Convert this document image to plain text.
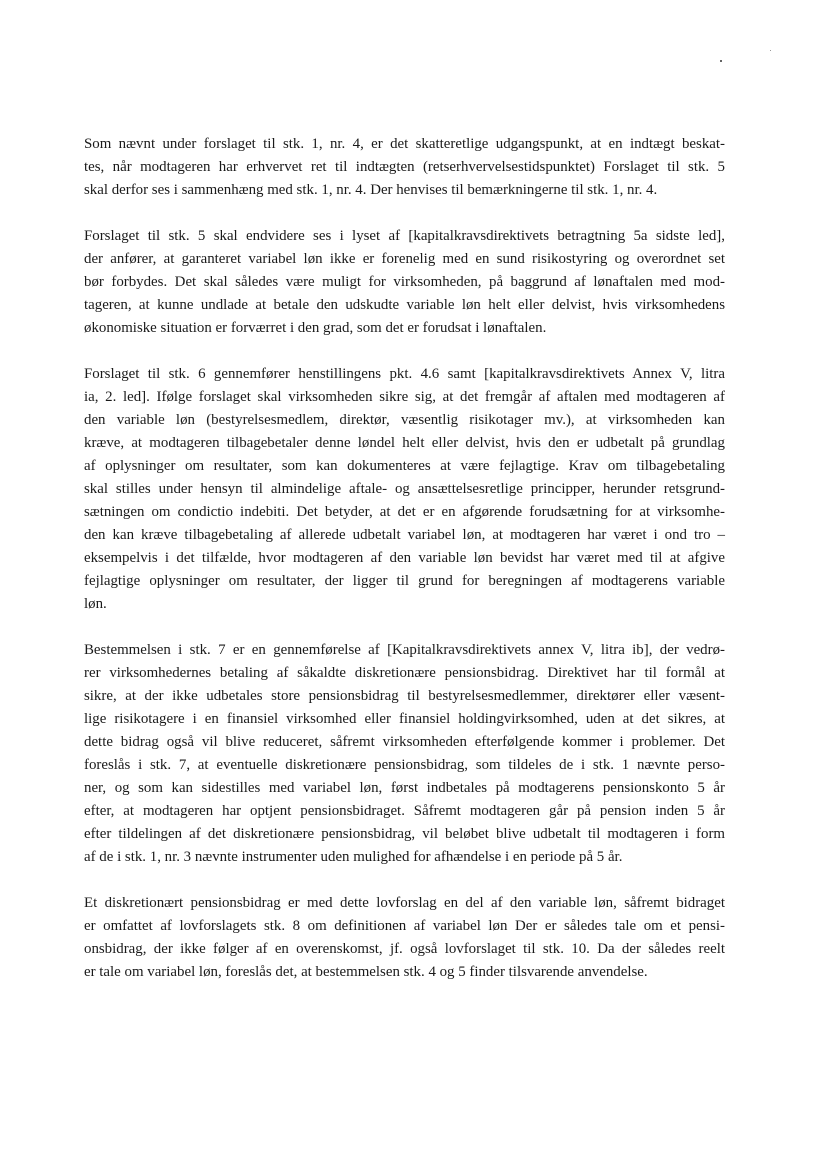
Som nævnt under forslaget til stk. 1, nr. 4, er det skatteretlige udgangspunkt, at en indtægt beskat-
tes, når modtageren har erhvervet ret til indtægten (retserhvervelsestidspunktet) Forslaget til stk. 5
skal derfor ses i sammenhæng med stk. 1, nr. 4. Der henvises til bemærkningerne til stk. 1, nr. 4.

Forslaget til stk. 5 skal endvidere ses i lyset af [kapitalkravsdirektivets betragtning 5a sidste led],
der anfører, at garanteret variabel løn ikke er forenelig med en sund risikostyring og overordnet set
bør forbydes. Det skal således være muligt for virksomheden, på baggrund af lønaftalen med mod-
tageren, at kunne undlade at betale den udskudte variable løn helt eller delvist, hvis virksomhedens
økonomiske situation er forværret i den grad, som det er forudsat i lønaftalen.

Forslaget til stk. 6 gennemfører henstillingens pkt. 4.6 samt [kapitalkravsdirektivets Annex V, litra
ia, 2. led]. Ifølge forslaget skal virksomheden sikre sig, at det fremgår af aftalen med modtageren af
den variable løn (bestyrelsesmedlem, direktør, væsentlig risikotager mv.), at virksomheden kan
kræve, at modtageren tilbagebetaler denne løndel helt eller delvist, hvis den er udbetalt på grundlag
af oplysninger om resultater, som kan dokumenteres at være fejlagtige. Krav om tilbagebetaling
skal stilles under hensyn til almindelige aftale- og ansættelsesretlige principper, herunder retsgrund-
sætningen om condictio indebiti. Det betyder, at det er en afgørende forudsætning for at virksomhe-
den kan kræve tilbagebetaling af allerede udbetalt variabel løn, at modtageren har været i ond tro –
eksempelvis i det tilfælde, hvor modtageren af den variable løn bevidst har været med til at afgive
fejlagtige oplysninger om resultater, der ligger til grund for beregningen af modtagerens variable
løn.

Bestemmelsen i stk. 7 er en gennemførelse af [Kapitalkravsdirektivets annex V, litra ib], der vedrø-
rer virksomhedernes betaling af såkaldte diskretionære pensionsbidrag. Direktivet har til formål at
sikre, at der ikke udbetales store pensionsbidrag til bestyrelsesmedlemmer, direktører eller væsent-
lige risikotagere i en finansiel virksomhed eller finansiel holdingvirksomhed, uden at det sikres, at
dette bidrag også vil blive reduceret, såfremt virksomheden efterfølgende kommer i problemer. Det
foreslås i stk. 7, at eventuelle diskretionære pensionsbidrag, som tildeles de i stk. 1 nævnte perso-
ner, og som kan sidestilles med variabel løn, først indbetales på modtagerens pensionskonto 5 år
efter, at modtageren har optjent pensionsbidraget. Såfremt modtageren går på pension inden 5 år
efter tildelingen af det diskretionære pensionsbidrag, vil beløbet blive udbetalt til modtageren i form
af de i stk. 1, nr. 3 nævnte instrumenter uden mulighed for afhændelse i en periode på 5 år.

Et diskretionært pensionsbidrag er med dette lovforslag en del af den variable løn, såfremt bidraget
er omfattet af lovforslagets stk. 8 om definitionen af variabel løn Der er således tale om et pensi-
onsbidrag, der ikke følger af en overenskomst, jf. også lovforslaget til stk. 10. Da der således reelt
er tale om variabel løn, foreslås det, at bestemmelsen stk. 4 og 5 finder tilsvarende anvendelse.
